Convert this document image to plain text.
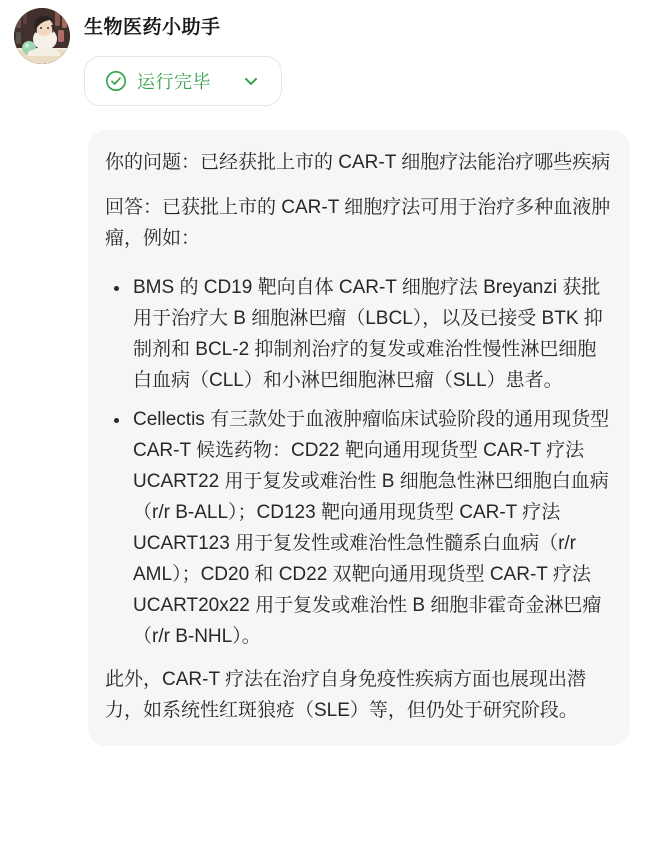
生物医药小助手
运行完毕

你的问题：已经获批上市的 CAR-T 细胞疗法能治疗哪些疾病

回答：已获批上市的 CAR-T 细胞疗法可用于治疗多种血液肿瘤，例如：

• BMS 的 CD19 靶向自体 CAR-T 细胞疗法 Breyanzi 获批用于治疗大 B 细胞淋巴瘤（LBCL），以及已接受 BTK 抑制剂和 BCL-2 抑制剂治疗的复发或难治性慢性淋巴细胞白血病（CLL）和小淋巴细胞淋巴瘤（SLL）患者。
• Cellectis 有三款处于血液肿瘤临床试验阶段的通用现货型 CAR-T 候选药物：CD22 靶向通用现货型 CAR-T 疗法 UCART22 用于复发或难治性 B 细胞急性淋巴细胞白血病（r/r B-ALL）；CD123 靶向通用现货型 CAR-T 疗法 UCART123 用于复发性或难治性急性髓系白血病（r/r AML）；CD20 和 CD22 双靶向通用现货型 CAR-T 疗法 UCART20x22 用于复发或难治性 B 细胞非霍奇金淋巴瘤（r/r B-NHL）。

此外，CAR-T 疗法在治疗自身免疫性疾病方面也展现出潜力，如系统性红斑狼疮（SLE）等，但仍处于研究阶段。
